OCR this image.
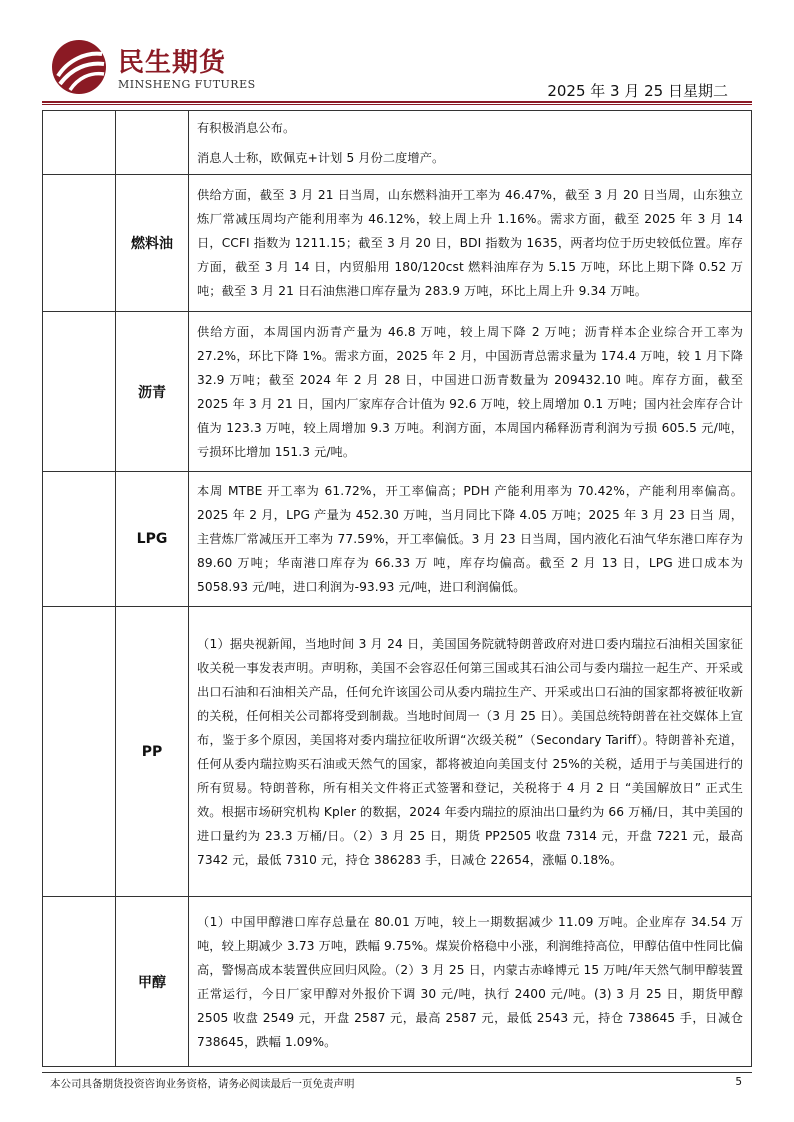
民生期货
MINSHENG FUTURES	2025 年 3 月 25 日星期二

		有积极消息公布。

消息人士称，欧佩克+计划 5 月份二度增产。

	燃料油	供给方面，截至 3 月 21 日当周，山东燃料油开工率为 46.47%，截至 3 月 20 日当周，山东独立炼厂常减压周均产能利用率为 46.12%，较上周上升 1.16%。需求方面，截至 2025 年 3 月 14 日，CCFI 指数为 1211.15；截至 3 月 20 日，BDI 指数为 1635，两者均位于历史较低位置。库存方面，截至 3 月 14 日，内贸船用 180/120cst 燃料油库存为 5.15 万吨，环比上期下降 0.52 万吨；截至 3 月 21 日石油焦港口库存量为 283.9 万吨，环比上周上升 9.34 万吨。

	沥青	供给方面，本周国内沥青产量为 46.8 万吨，较上周下降 2 万吨；沥青样本企业综合开工率为 27.2%，环比下降 1%。需求方面，2025 年 2 月，中国沥青总需求量为 174.4 万吨，较 1 月下降 32.9 万吨；截至 2024 年 2 月 28 日，中国进口沥青数量为 209432.10 吨。库存方面，截至 2025 年 3 月 21 日，国内厂家库存合计值为 92.6 万吨，较上周增加 0.1 万吨；国内社会库存合计值为 123.3 万吨，较上周增加 9.3 万吨。利润方面，本周国内稀释沥青利润为亏损 605.5 元/吨，亏损环比增加 151.3 元/吨。

	LPG	本周 MTBE 开工率为 61.72%，开工率偏高；PDH 产能利用率为 70.42%，产能利用率偏高。 2025 年 2 月，LPG 产量为 452.30 万吨，当月同比下降 4.05 万吨；2025 年 3 月 23 日当 周，主营炼厂常减压开工率为 77.59%，开工率偏低。3 月 23 日当周，国内液化石油气华东港口库存为 89.60 万吨；华南港口库存为 66.33 万 吨，库存均偏高。截至 2 月 13 日，LPG 进口成本为 5058.93 元/吨，进口利润为-93.93 元/吨，进口利润偏低。

	PP	（1）据央视新闻，当地时间 3 月 24 日，美国国务院就特朗普政府对进口委内瑞拉石油相关国家征收关税一事发表声明。声明称，美国不会容忍任何第三国或其石油公司与委内瑞拉一起生产、开采或出口石油和石油相关产品，任何允许该国公司从委内瑞拉生产、开采或出口石油的国家都将被征收新的关税，任何相关公司都将受到制裁。当地时间周一（3 月 25 日）。美国总统特朗普在社交媒体上宣布，鉴于多个原因，美国将对委内瑞拉征收所谓“次级关税”（Secondary Tariff）。特朗普补充道，任何从委内瑞拉购买石油或天然气的国家，都将被迫向美国支付 25%的关税，适用于与美国进行的所有贸易。特朗普称，所有相关文件将正式签署和登记，关税将于 4 月 2 日 “美国解放日” 正式生效。根据市场研究机构 Kpler 的数据，2024 年委内瑞拉的原油出口量约为 66 万桶/日，其中美国的进口量约为 23.3 万桶/日。（2）3 月 25 日，期货 PP2505 收盘 7314 元，开盘 7221 元，最高 7342 元，最低 7310 元，持仓 386283 手，日减仓 22654，涨幅 0.18%。

	甲醇	（1）中国甲醇港口库存总量在 80.01 万吨，较上一期数据减少 11.09 万吨。企业库存 34.54 万吨，较上期减少 3.73 万吨，跌幅 9.75%。煤炭价格稳中小涨，利润维持高位，甲醇估值中性同比偏高，警惕高成本装置供应回归风险。（2）3 月 25 日，内蒙古赤峰博元 15 万吨/年天然气制甲醇装置正常运行，今日厂家甲醇对外报价下调 30 元/吨，执行 2400 元/吨。(3) 3 月 25 日，期货甲醇 2505 收盘 2549 元，开盘 2587 元，最高 2587 元，最低 2543 元，持仓 738645 手，日减仓 738645，跌幅 1.09%。

本公司具备期货投资咨询业务资格，请务必阅读最后一页免责声明	5
